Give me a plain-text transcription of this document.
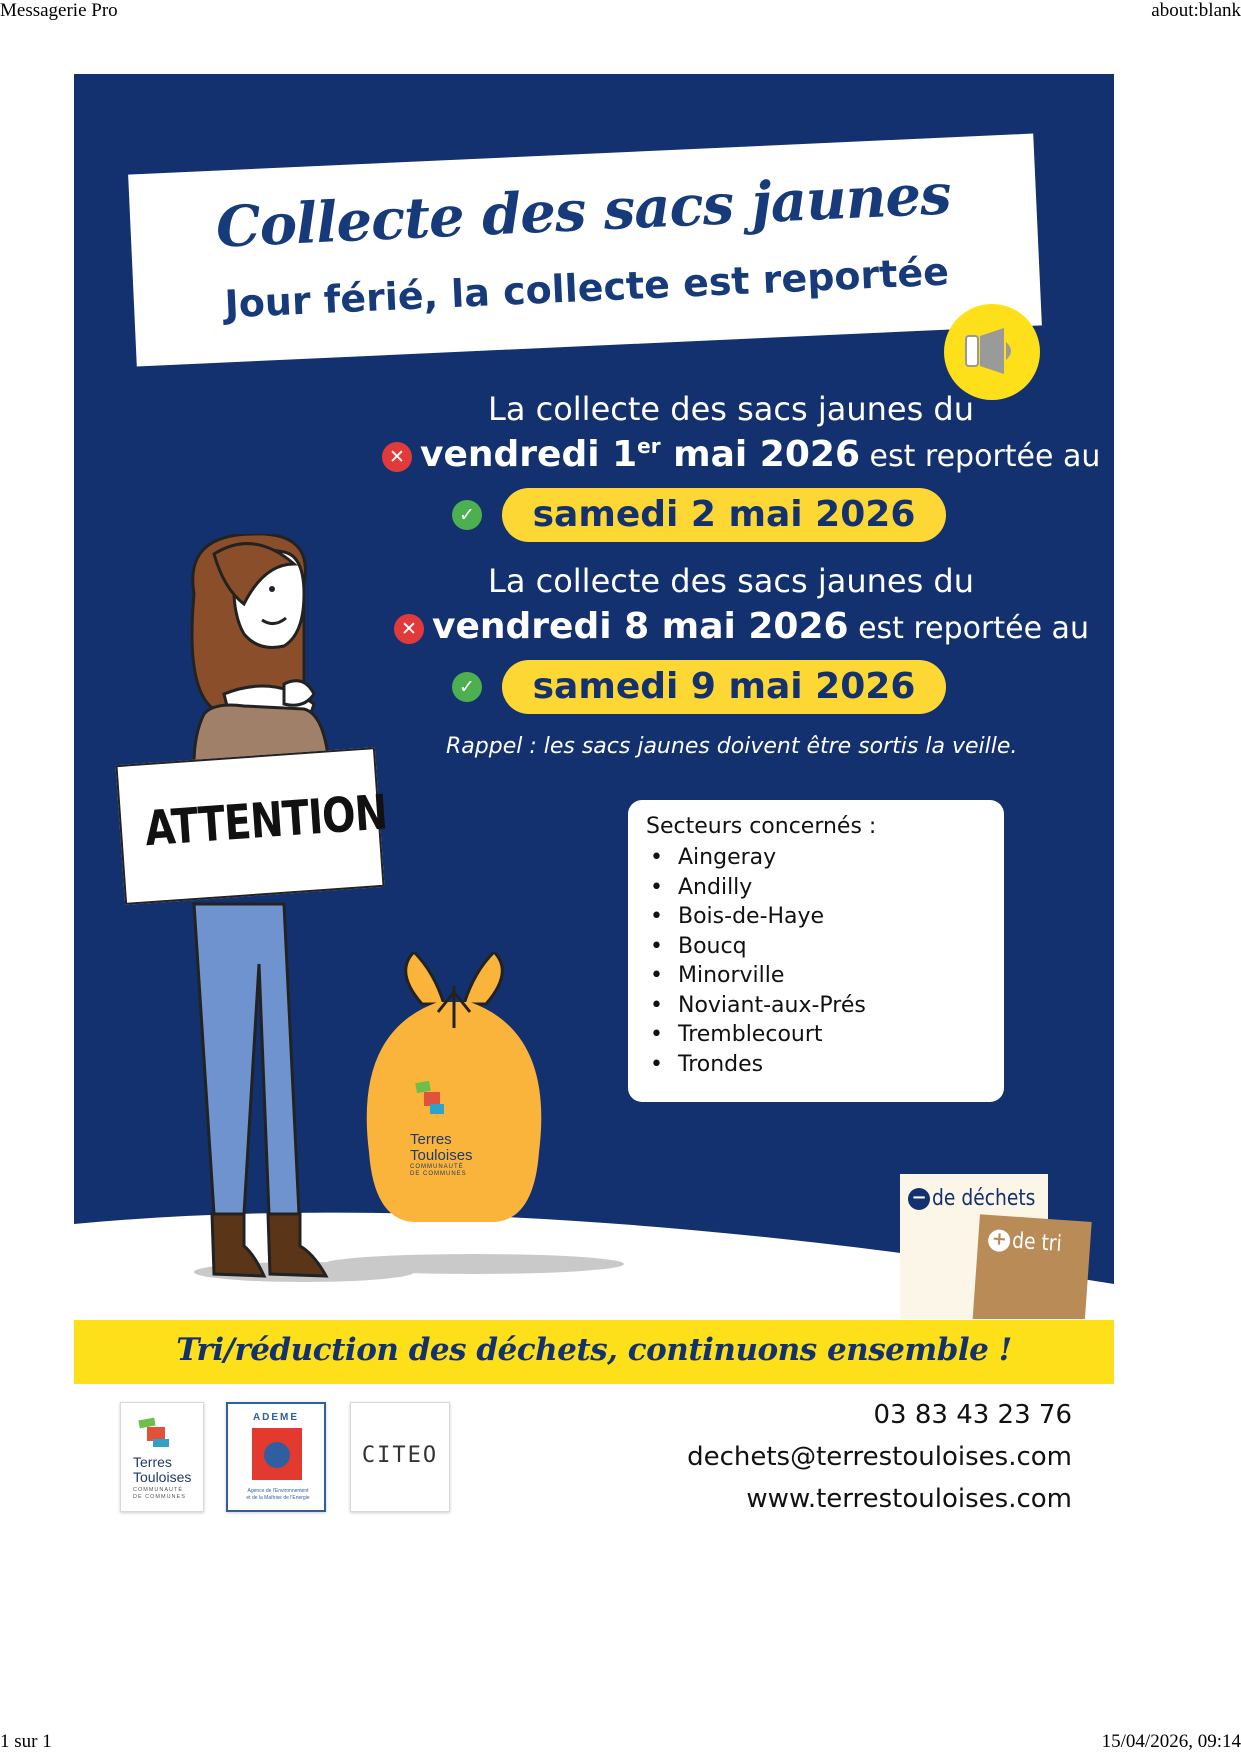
Messagerie Pro	about:blank
1 sur 1	15/04/2026, 09:14
ATTENTION
Terres
Touloises
COMMUNAUTÉ
DE COMMUNES
Collecte des sacs jaunes
Jour férié, la collecte est reportée
La collecte des sacs jaunes du
✕ vendredi 1er mai 2026 est reportée au
✓	samedi 2 mai 2026
La collecte des sacs jaunes du
✕ vendredi 8 mai 2026 est reportée au
✓	samedi 9 mai 2026
Rappel : les sacs jaunes doivent être sortis la veille.
Secteurs concernés :
• Aingeray
• Andilly
• Bois-de-Haye
• Boucq
• Minorville
• Noviant-aux-Prés
• Tremblecourt
• Trondes
− de déchets
+ de tri
Tri/réduction des déchets, continuons ensemble !
Terres
Touloises
COMMUNAUTÉ
DE COMMUNES
ADEME
Agence de l'Environnement
et de la Maîtrise de l'Energie
CITEO
03 83 43 23 76
dechets@terrestouloises.com
www.terrestouloises.com
